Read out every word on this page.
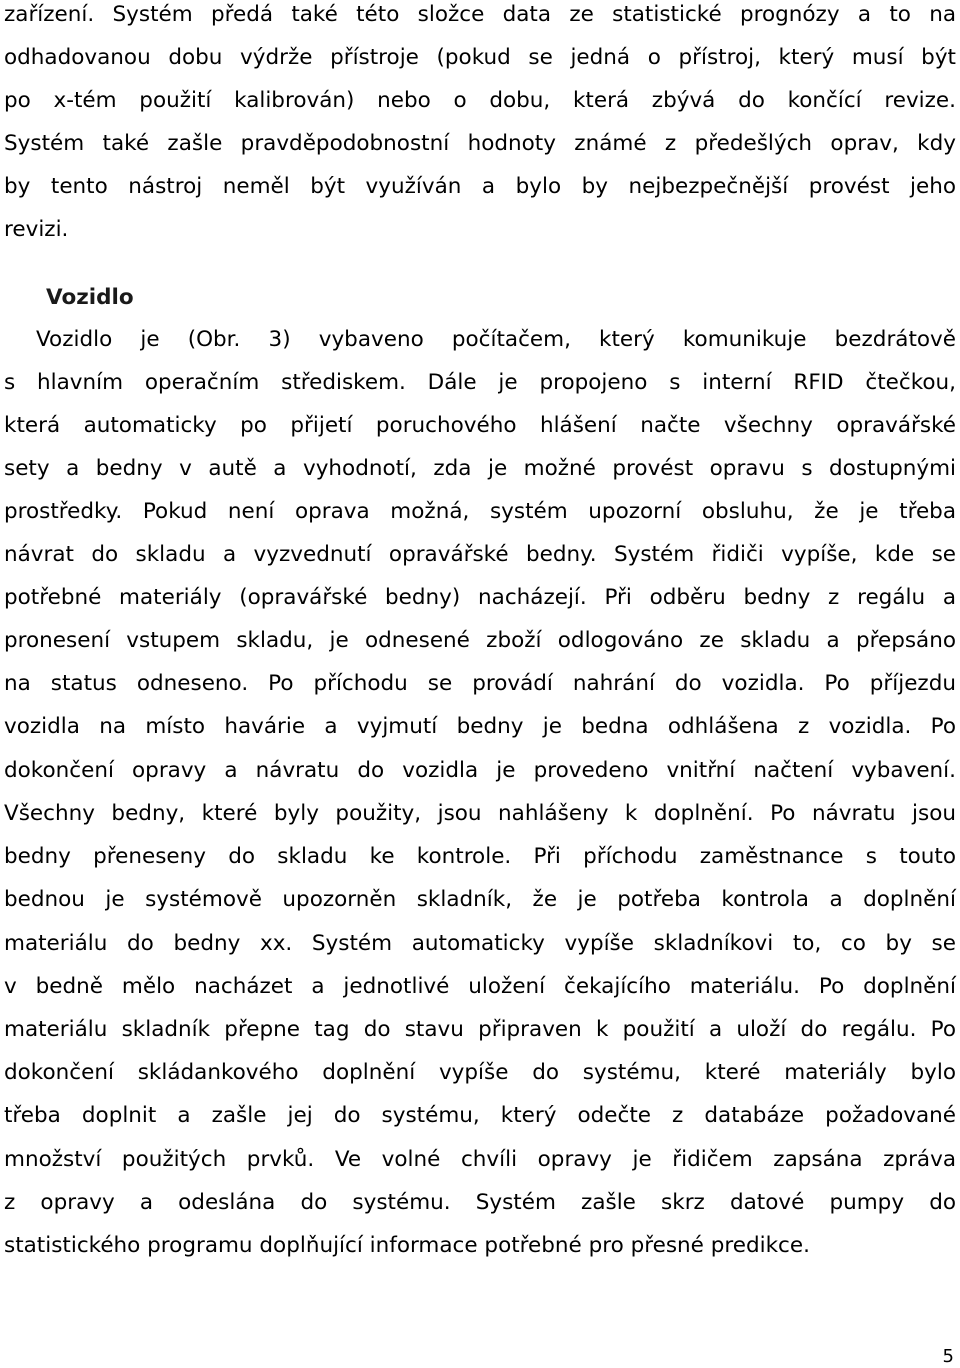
zařízení. Systém předá také této složce data ze statistické prognózy a to na
odhadovanou dobu výdrže přístroje (pokud se jedná o přístroj, který musí být
po x-tém použití kalibrován) nebo o dobu, která zbývá do končící revize.
Systém také zašle pravděpodobnostní hodnoty známé z předešlých oprav, kdy
by tento nástroj neměl být využíván a bylo by nejbezpečnější provést jeho
revizi.
Vozidlo
Vozidlo je (Obr. 3) vybaveno počítačem, který komunikuje bezdrátově
s hlavním operačním střediskem. Dále je propojeno s interní RFID čtečkou,
která automaticky po přijetí poruchového hlášení načte všechny opravářské
sety a bedny v autě a vyhodnotí, zda je možné provést opravu s dostupnými
prostředky. Pokud není oprava možná, systém upozorní obsluhu, že je třeba
návrat do skladu a vyzvednutí opravářské bedny. Systém řidiči vypíše, kde se
potřebné materiály (opravářské bedny) nacházejí. Při odběru bedny z regálu a
pronesení vstupem skladu, je odnesené zboží odlogováno ze skladu a přepsáno
na status odneseno. Po příchodu se provádí nahrání do vozidla. Po příjezdu
vozidla na místo havárie a vyjmutí bedny je bedna odhlášena z vozidla. Po
dokončení opravy a návratu do vozidla je provedeno vnitřní načtení vybavení.
Všechny bedny, které byly použity, jsou nahlášeny k doplnění. Po návratu jsou
bedny přeneseny do skladu ke kontrole. Při příchodu zaměstnance s touto
bednou je systémově upozorněn skladník, že je potřeba kontrola a doplnění
materiálu do bedny xx. Systém automaticky vypíše skladníkovi to, co by se
v bedně mělo nacházet a jednotlivé uložení čekajícího materiálu. Po doplnění
materiálu skladník přepne tag do stavu připraven k použití a uloží do regálu. Po
dokončení skládankového doplnění vypíše do systému, které materiály bylo
třeba doplnit a zašle jej do systému, který odečte z databáze požadované
množství použitých prvků. Ve volné chvíli opravy je řidičem zapsána zpráva
z opravy a odeslána do systému. Systém zašle skrz datové pumpy do
statistického programu doplňující informace potřebné pro přesné predikce.
5
